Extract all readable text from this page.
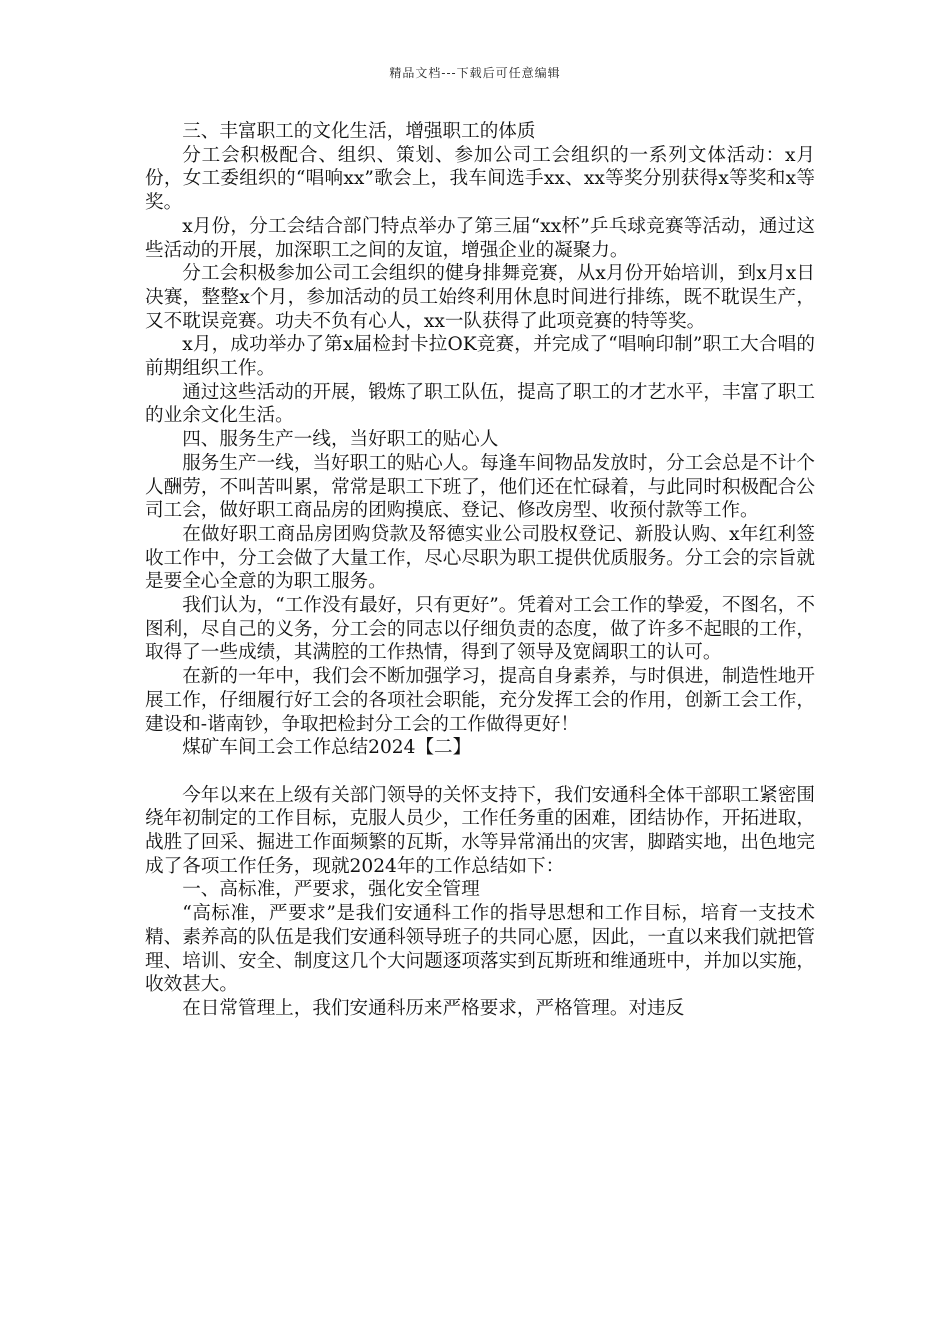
精品文档---下载后可任意编辑

三、丰富职工的文化生活，增强职工的体质

分工会积极配合、组织、策划、参加公司工会组织的一系列文体活动：x月份，女工委组织的“唱响xx”歌会上，我车间选手xx、xx等奖分别获得x等奖和x等奖。

x月份，分工会结合部门特点举办了第三届“xx杯”乒乓球竞赛等活动，通过这些活动的开展，加深职工之间的友谊，增强企业的凝聚力。

分工会积极参加公司工会组织的健身排舞竞赛，从x月份开始培训，到x月x日决赛，整整x个月，参加活动的员工始终利用休息时间进行排练，既不耽误生产，又不耽误竞赛。功夫不负有心人，xx一队获得了此项竞赛的特等奖。

x月，成功举办了第x届检封卡拉OK竞赛，并完成了“唱响印制”职工大合唱的前期组织工作。

通过这些活动的开展，锻炼了职工队伍，提高了职工的才艺水平，丰富了职工的业余文化生活。

四、服务生产一线，当好职工的贴心人

服务生产一线，当好职工的贴心人。每逢车间物品发放时，分工会总是不计个人酬劳，不叫苦叫累，常常是职工下班了，他们还在忙碌着，与此同时积极配合公司工会，做好职工商品房的团购摸底、登记、修改房型、收预付款等工作。

在做好职工商品房团购贷款及帑德实业公司股权登记、新股认购、x年红利签收工作中，分工会做了大量工作，尽心尽职为职工提供优质服务。分工会的宗旨就是要全心全意的为职工服务。

我们认为，“工作没有最好，只有更好”。凭着对工会工作的挚爱，不图名，不图利，尽自己的义务，分工会的同志以仔细负责的态度，做了许多不起眼的工作，取得了一些成绩，其满腔的工作热情，得到了领导及宽阔职工的认可。

在新的一年中，我们会不断加强学习，提高自身素养，与时俱进，制造性地开展工作，仔细履行好工会的各项社会职能，充分发挥工会的作用，创新工会工作，建设和-谐南钞，争取把检封分工会的工作做得更好！

煤矿车间工会工作总结2024【二】

今年以来在上级有关部门领导的关怀支持下，我们安通科全体干部职工紧密围绕年初制定的工作目标，克服人员少，工作任务重的困难，团结协作，开拓进取，战胜了回采、掘进工作面频繁的瓦斯，水等异常涌出的灾害，脚踏实地，出色地完成了各项工作任务，现就2024年的工作总结如下：

一、高标准，严要求，强化安全管理

“高标准，严要求”是我们安通科工作的指导思想和工作目标，培育一支技术精、素养高的队伍是我们安通科领导班子的共同心愿，因此，一直以来我们就把管理、培训、安全、制度这几个大问题逐项落实到瓦斯班和维通班中，并加以实施，收效甚大。

在日常管理上，我们安通科历来严格要求，严格管理。对违反
